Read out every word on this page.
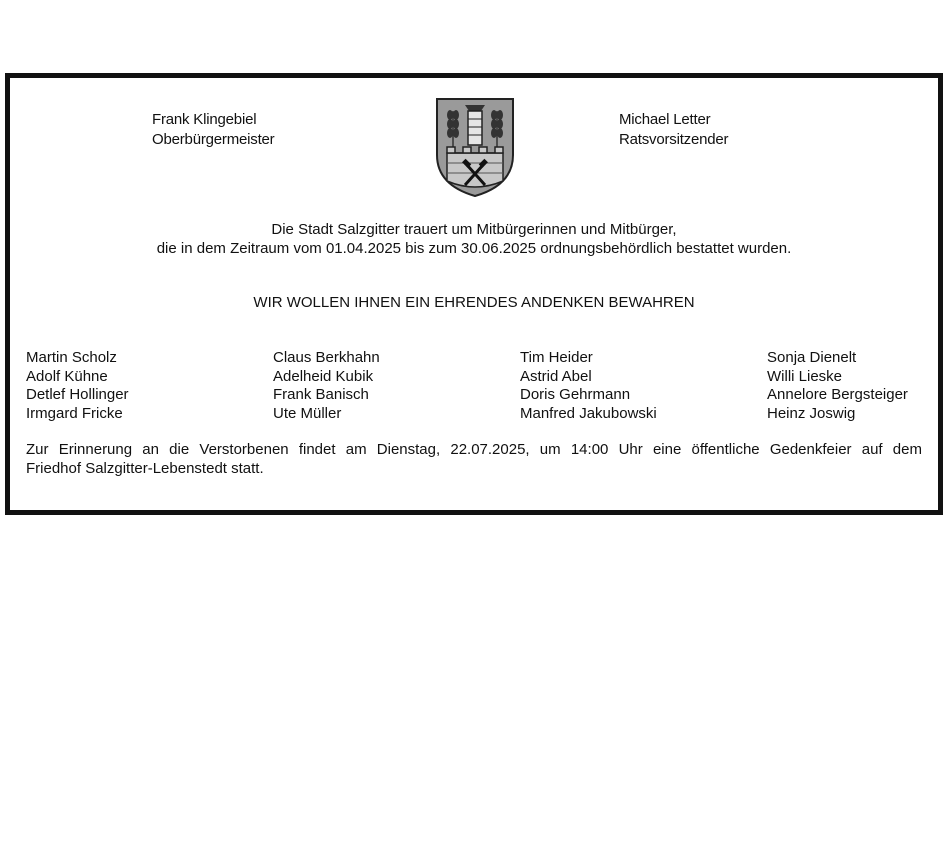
Frank Klingebiel
Oberbürgermeister
Michael Letter
Ratsvorsitzender
Die Stadt Salzgitter trauert um Mitbürgerinnen und Mitbürger,
die in dem Zeitraum vom 01.04.2025 bis zum 30.06.2025 ordnungsbehördlich bestattet wurden.
WIR WOLLEN IHNEN EIN EHRENDES ANDENKEN BEWAHREN
Martin Scholz
Adolf Kühne
Detlef Hollinger
Irmgard Fricke
Claus Berkhahn
Adelheid Kubik
Frank Banisch
Ute Müller
Tim Heider
Astrid Abel
Doris Gehrmann
Manfred Jakubowski
Sonja Dienelt
Willi Lieske
Annelore Bergsteiger
Heinz Joswig
Zur Erinnerung an die Verstorbenen findet am Dienstag, 22.07.2025, um 14:00 Uhr eine öffentliche Gedenkfeier auf dem
Friedhof Salzgitter-Lebenstedt statt.
